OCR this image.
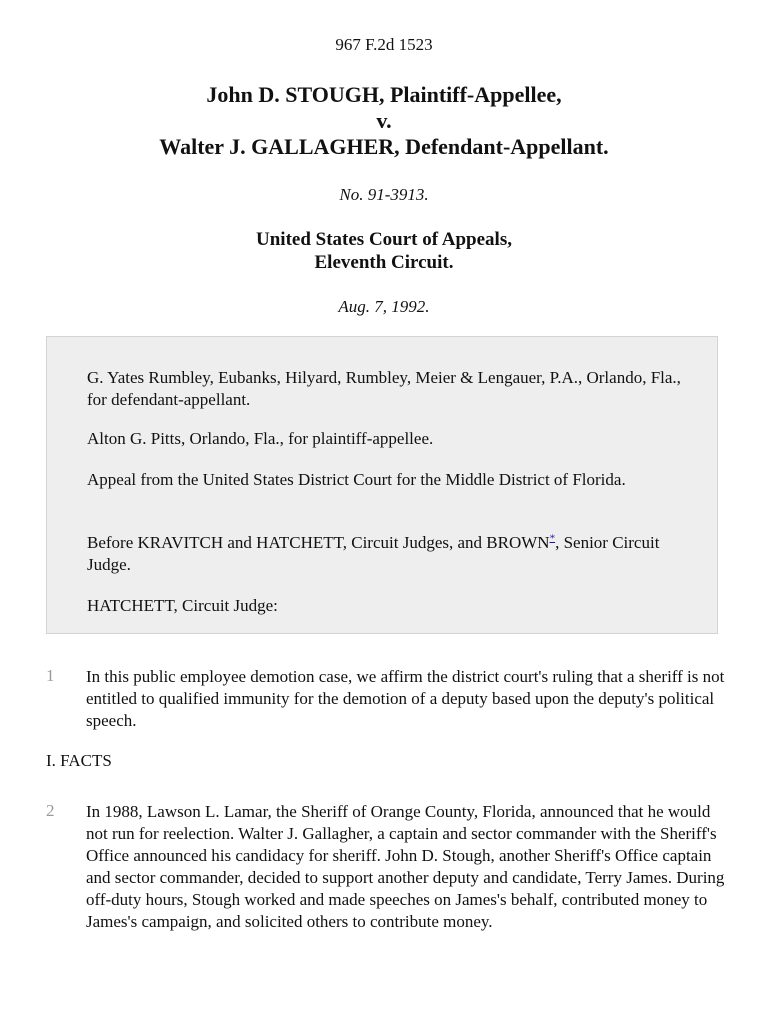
967 F.2d 1523
John D. STOUGH, Plaintiff-Appellee,
v.
Walter J. GALLAGHER, Defendant-Appellant.
No. 91-3913.
United States Court of Appeals,
Eleventh Circuit.
Aug. 7, 1992.

G. Yates Rumbley, Eubanks, Hilyard, Rumbley, Meier & Lengauer, P.A., Orlando, Fla., for defendant-appellant.

Alton G. Pitts, Orlando, Fla., for plaintiff-appellee.

Appeal from the United States District Court for the Middle District of Florida.

Before KRAVITCH and HATCHETT, Circuit Judges, and BROWN*, Senior Circuit Judge.

HATCHETT, Circuit Judge:

1 In this public employee demotion case, we affirm the district court's ruling that a sheriff is not entitled to qualified immunity for the demotion of a deputy based upon the deputy's political speech.

I. FACTS
2 In 1988, Lawson L. Lamar, the Sheriff of Orange County, Florida, announced that he would not run for reelection. Walter J. Gallagher, a captain and sector commander with the Sheriff's Office announced his candidacy for sheriff. John D. Stough, another Sheriff's Office captain and sector commander, decided to support another deputy and candidate, Terry James. During off-duty hours, Stough worked and made speeches on James's behalf, contributed money to James's campaign, and solicited others to contribute money.
